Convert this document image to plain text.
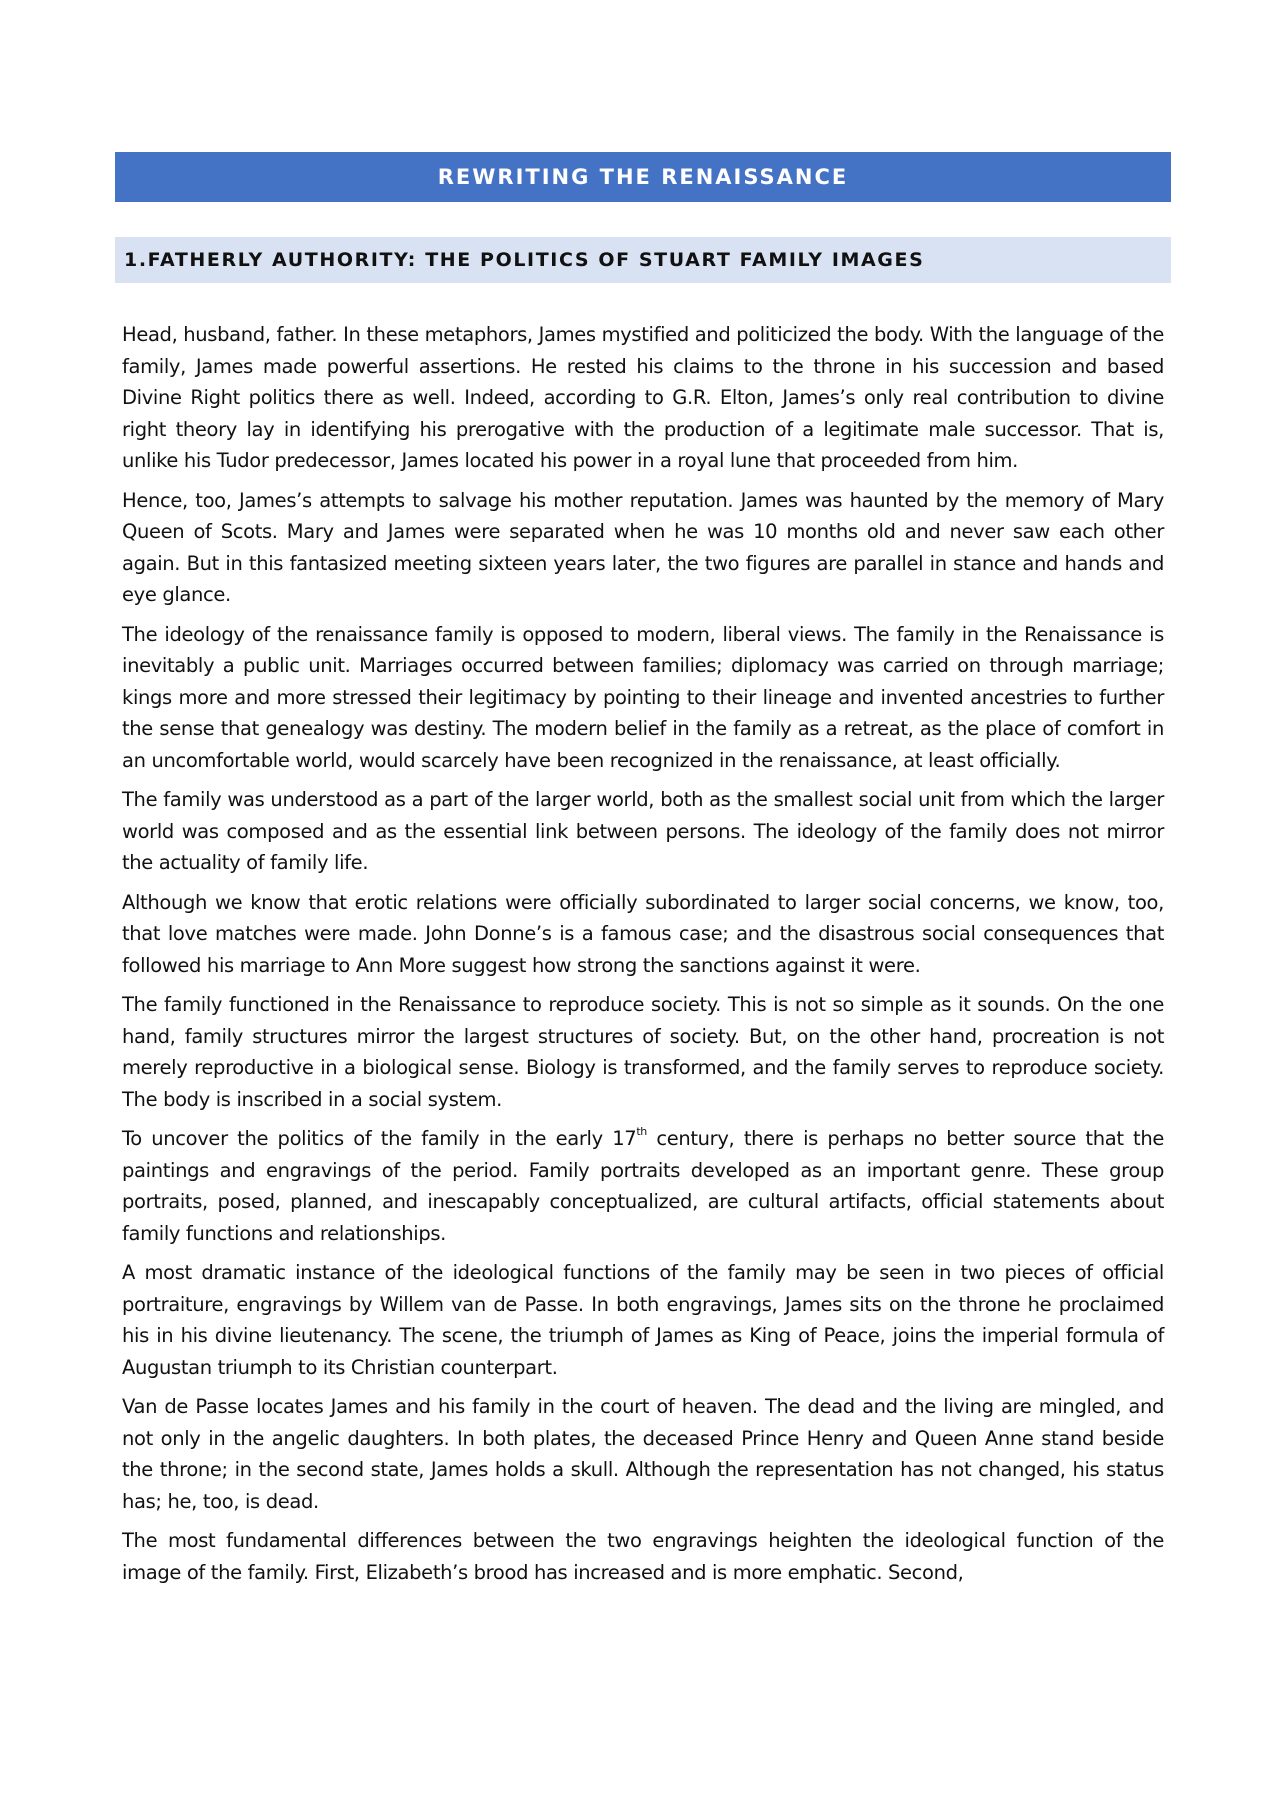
REWRITING THE RENAISSANCE
1.FATHERLY AUTHORITY: THE POLITICS OF STUART FAMILY IMAGES

Head, husband, father. In these metaphors, James mystified and politicized the body. With the language of the family, James made powerful assertions. He rested his claims to the throne in his succession and based Divine Right politics there as well. Indeed, according to G.R. Elton, James’s only real contribution to divine right theory lay in identifying his prerogative with the production of a legitimate male successor. That is, unlike his Tudor predecessor, James located his power in a royal lune that proceeded from him.

Hence, too, James’s attempts to salvage his mother reputation. James was haunted by the memory of Mary Queen of Scots. Mary and James were separated when he was 10 months old and never saw each other again. But in this fantasized meeting sixteen years later, the two figures are parallel in stance and hands and eye glance.

The ideology of the renaissance family is opposed to modern, liberal views. The family in the Renaissance is inevitably a public unit. Marriages occurred between families; diplomacy was carried on through marriage; kings more and more stressed their legitimacy by pointing to their lineage and invented ancestries to further the sense that genealogy was destiny. The modern belief in the family as a retreat, as the place of comfort in an uncomfortable world, would scarcely have been recognized in the renaissance, at least officially.

The family was understood as a part of the larger world, both as the smallest social unit from which the larger world was composed and as the essential link between persons. The ideology of the family does not mirror the actuality of family life.

Although we know that erotic relations were officially subordinated to larger social concerns, we know, too, that love matches were made. John Donne’s is a famous case; and the disastrous social consequences that followed his marriage to Ann More suggest how strong the sanctions against it were.

The family functioned in the Renaissance to reproduce society. This is not so simple as it sounds. On the one hand, family structures mirror the largest structures of society. But, on the other hand, procreation is not merely reproductive in a biological sense. Biology is transformed, and the family serves to reproduce society. The body is inscribed in a social system.

To uncover the politics of the family in the early 17th century, there is perhaps no better source that the paintings and engravings of the period. Family portraits developed as an important genre. These group portraits, posed, planned, and inescapably conceptualized, are cultural artifacts, official statements about family functions and relationships.

A most dramatic instance of the ideological functions of the family may be seen in two pieces of official portraiture, engravings by Willem van de Passe. In both engravings, James sits on the throne he proclaimed his in his divine lieutenancy. The scene, the triumph of James as King of Peace, joins the imperial formula of Augustan triumph to its Christian counterpart.

Van de Passe locates James and his family in the court of heaven. The dead and the living are mingled, and not only in the angelic daughters. In both plates, the deceased Prince Henry and Queen Anne stand beside the throne; in the second state, James holds a skull. Although the representation has not changed, his status has; he, too, is dead.

The most fundamental differences between the two engravings heighten the ideological function of the image of the family. First, Elizabeth’s brood has increased and is more emphatic. Second,
